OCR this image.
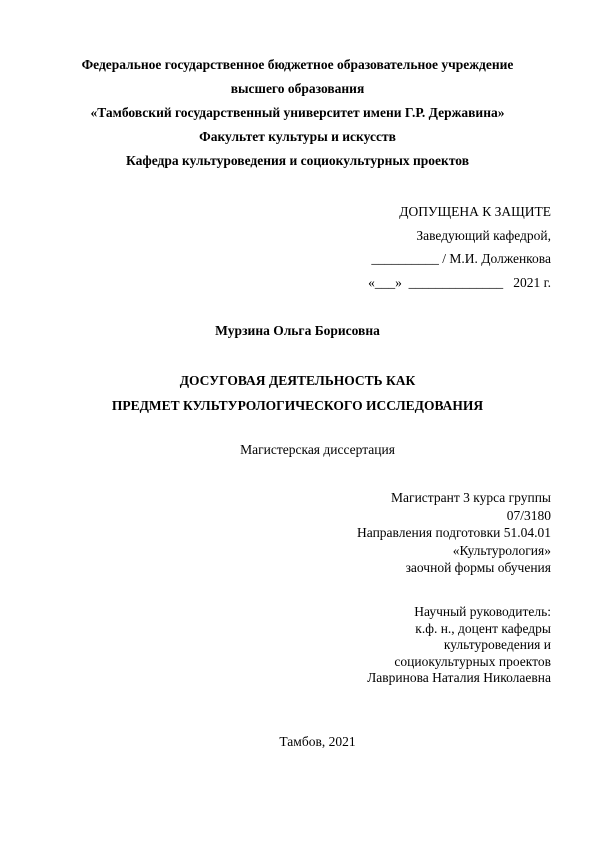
Федеральное государственное бюджетное образовательное учреждение
высшего образования
«Тамбовский государственный университет имени Г.Р. Державина»
Факультет культуры и искусств
Кафедра культуроведения и социокультурных проектов
ДОПУЩЕНА К ЗАЩИТЕ
Заведующий кафедрой,
__________ / М.И. Долженкова
«___»  ______________   2021 г.
Мурзина Ольга Борисовна
ДОСУГОВАЯ ДЕЯТЕЛЬНОСТЬ КАК
ПРЕДМЕТ КУЛЬТУРОЛОГИЧЕСКОГО ИССЛЕДОВАНИЯ
Магистерская диссертация
Магистрант 3 курса группы
07/3180
Направления подготовки 51.04.01
«Культурология»
заочной формы обучения
Научный руководитель:
к.ф. н., доцент кафедры
культуроведения и
социокультурных проектов
Лавринова Наталия Николаевна
Тамбов, 2021
